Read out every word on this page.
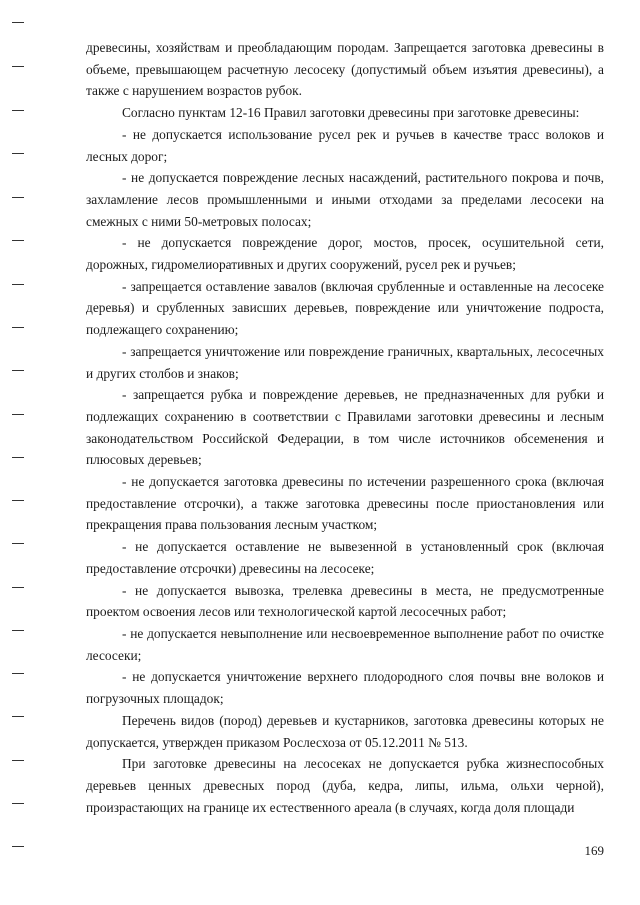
древесины, хозяйствам и преобладающим породам. Запрещается заготовка древесины в объеме, превышающем расчетную лесосеку (допустимый объем изъятия древесины), а также с нарушением возрастов рубок.

Согласно пунктам 12-16 Правил заготовки древесины при заготовке древесины:

- не допускается использование русел рек и ручьев в качестве трасс волоков и лесных дорог;

- не допускается повреждение лесных насаждений, растительного покрова и почв, захламление лесов промышленными и иными отходами за пределами лесосеки на смежных с ними 50-метровых полосах;

- не допускается повреждение дорог, мостов, просек, осушительной сети, дорожных, гидромелиоративных и других сооружений, русел рек и ручьев;

- запрещается оставление завалов (включая срубленные и оставленные на лесосеке деревья) и срубленных зависших деревьев, повреждение или уничтожение подроста, подлежащего сохранению;

- запрещается уничтожение или повреждение граничных, квартальных, лесосечных и других столбов и знаков;

- запрещается рубка и повреждение деревьев, не предназначенных для рубки и подлежащих сохранению в соответствии с Правилами заготовки древесины и лесным законодательством Российской Федерации, в том числе источников обсеменения и плюсовых деревьев;

- не допускается заготовка древесины по истечении разрешенного срока (включая предоставление отсрочки), а также заготовка древесины после приостановления или прекращения права пользования лесным участком;

- не допускается оставление не вывезенной в установленный срок (включая предоставление отсрочки) древесины на лесосеке;

- не допускается вывозка, трелевка древесины в места, не предусмотренные проектом освоения лесов или технологической картой лесосечных работ;

- не допускается невыполнение или несвоевременное выполнение работ по очистке лесосеки;

- не допускается уничтожение верхнего плодородного слоя почвы вне волоков и погрузочных площадок;

Перечень видов (пород) деревьев и кустарников, заготовка древесины которых не допускается, утвержден приказом Рослесхоза от 05.12.2011 № 513.

При заготовке древесины на лесосеках не допускается рубка жизнеспособных деревьев ценных древесных пород (дуба, кедра, липы, ильма, ольхи черной), произрастающих на границе их естественного ареала (в случаях, когда доля площади

169
